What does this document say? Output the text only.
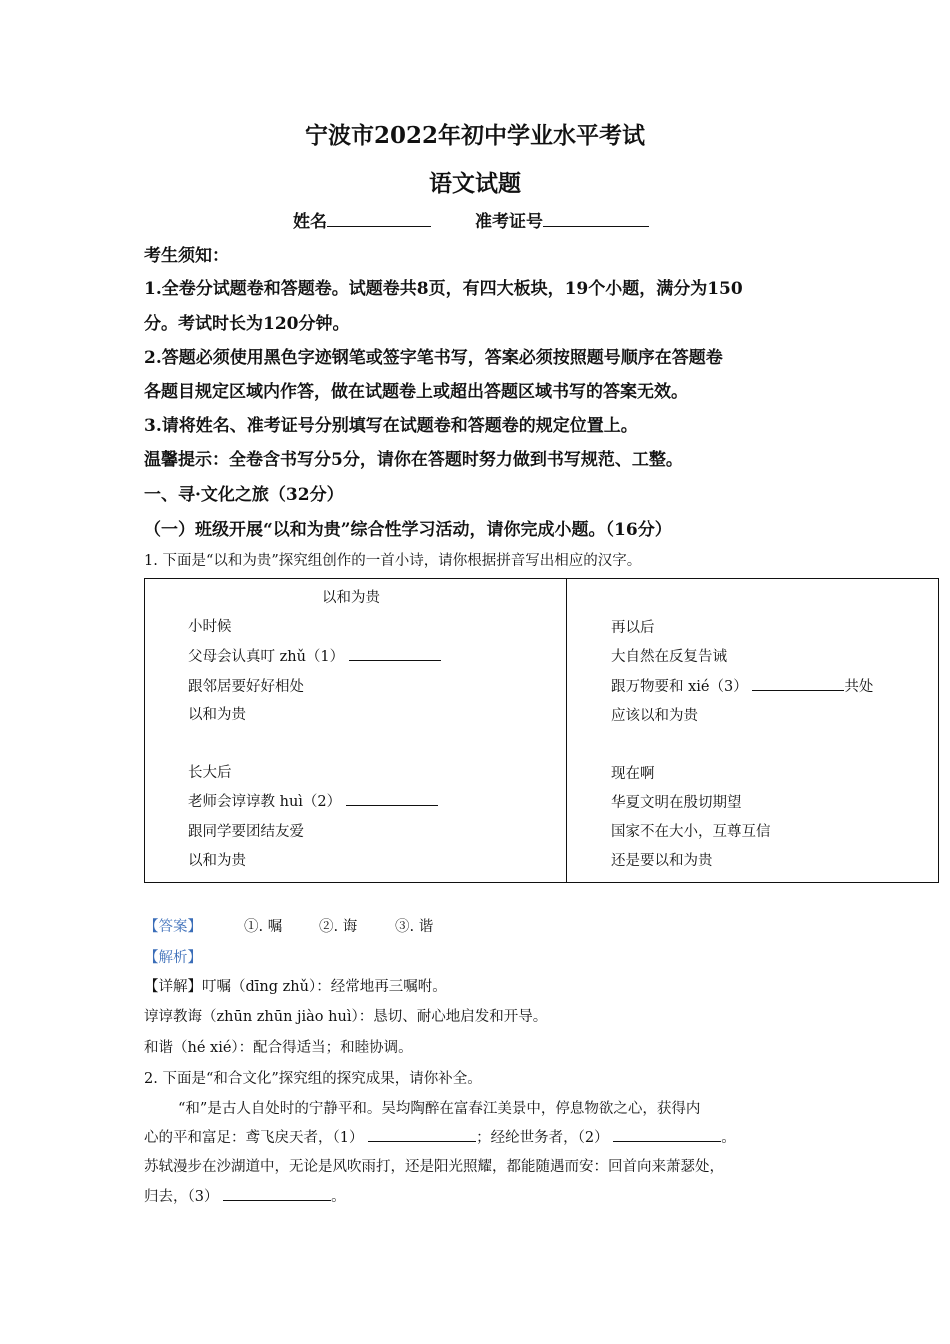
宁波市2022年初中学业水平考试
语文试题
姓名	准考证号
考生须知：
1.全卷分试题卷和答题卷。试题卷共8页，有四大板块，19个小题，满分为150
分。考试时长为120分钟。
2.答题必须使用黑色字迹钢笔或签字笔书写，答案必须按照题号顺序在答题卷
各题目规定区域内作答，做在试题卷上或超出答题区域书写的答案无效。
3.请将姓名、准考证号分别填写在试题卷和答题卷的规定位置上。
温馨提示：全卷含书写分5分，请你在答题时努力做到书写规范、工整。
一、寻·文化之旅（32分）
（一）班级开展“以和为贵”综合性学习活动，请你完成小题。（16分）
1. 下面是“以和为贵”探究组创作的一首小诗，请你根据拼音写出相应的汉字。
以和为贵
小时候
父母会认真叮 zhǔ（1）
跟邻居要好好相处
以和为贵
长大后
老师会谆谆教 huì（2）
跟同学要团结友爱
以和为贵
再以后
大自然在反复告诫
跟万物要和 xié（3）	共处
应该以和为贵
现在啊
华夏文明在殷切期望
国家不在大小，互尊互信
还是要以和为贵
【答案】	①. 嘱	②. 诲	③. 谐
【解析】
【详解】叮嘱（dīng zhǔ）：经常地再三嘱咐。
谆谆教诲（zhūn zhūn jiào huì）：恳切、耐心地启发和开导。
和谐（hé xié）：配合得适当；和睦协调。
2. 下面是“和合文化”探究组的探究成果，请你补全。
“和”是古人自处时的宁静平和。吴均陶醉在富春江美景中，停息物欲之心，获得内
心的平和富足：鸢飞戾天者，（1）	；经纶世务者，（2）	。
苏轼漫步在沙湖道中，无论是风吹雨打，还是阳光照耀，都能随遇而安：回首向来萧瑟处，
归去，（3）	。
